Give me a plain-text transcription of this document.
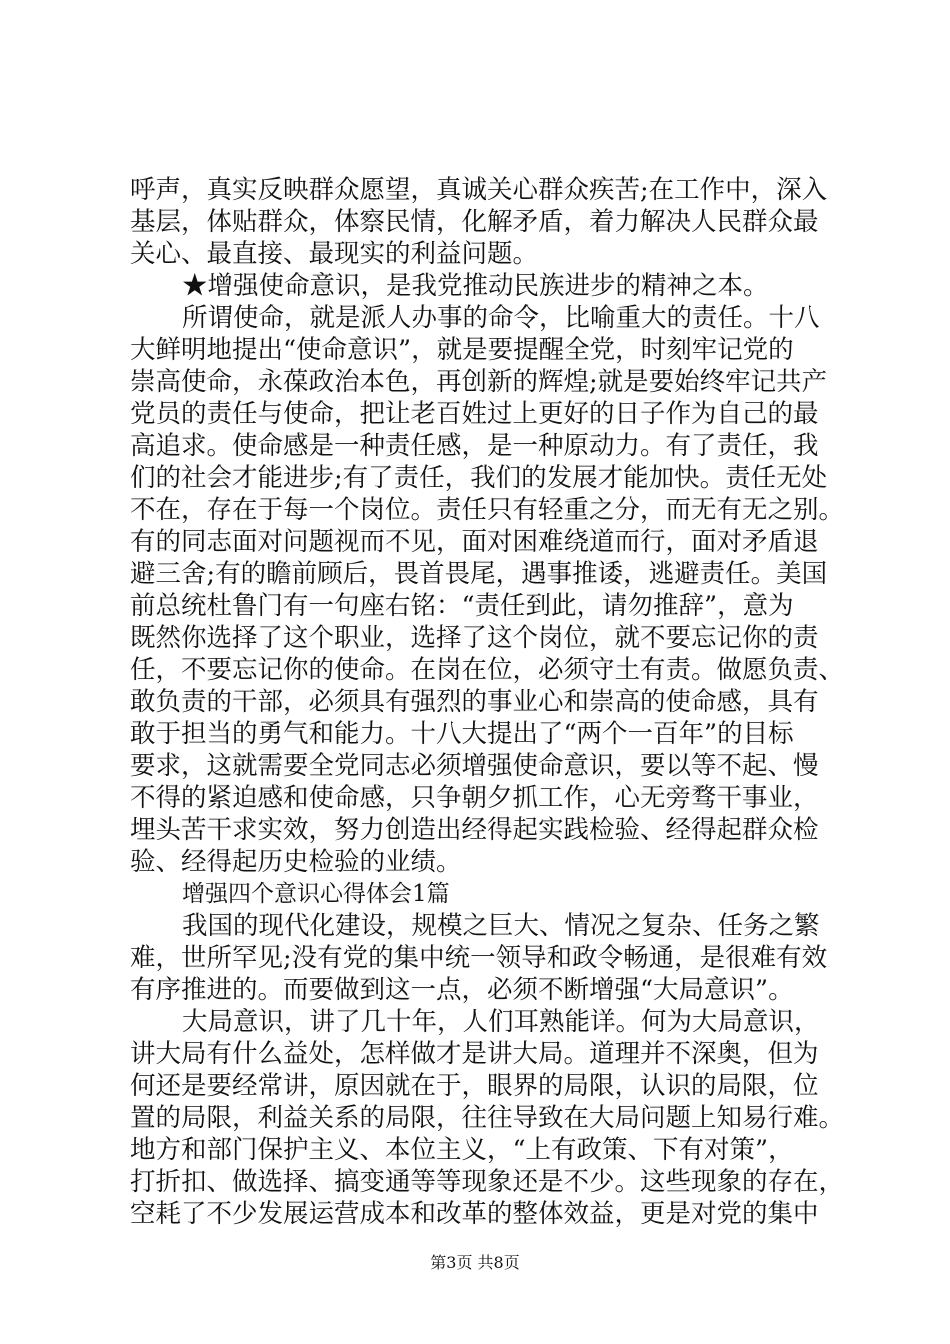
呼声，真实反映群众愿望，真诚关心群众疾苦;在工作中，深入
基层，体贴群众，体察民情，化解矛盾，着力解决人民群众最
关心、最直接、最现实的利益问题。
★增强使命意识，是我党推动民族进步的精神之本。
所谓使命，就是派人办事的命令，比喻重大的责任。十八
大鲜明地提出“使命意识”，就是要提醒全党，时刻牢记党的
崇高使命，永葆政治本色，再创新的辉煌;就是要始终牢记共产
党员的责任与使命，把让老百姓过上更好的日子作为自己的最
高追求。使命感是一种责任感，是一种原动力。有了责任，我
们的社会才能进步;有了责任，我们的发展才能加快。责任无处
不在，存在于每一个岗位。责任只有轻重之分，而无有无之别。
有的同志面对问题视而不见，面对困难绕道而行，面对矛盾退
避三舍;有的瞻前顾后，畏首畏尾，遇事推诿，逃避责任。美国
前总统杜鲁门有一句座右铭：“责任到此，请勿推辞”，意为
既然你选择了这个职业，选择了这个岗位，就不要忘记你的责
任，不要忘记你的使命。在岗在位，必须守土有责。做愿负责、
敢负责的干部，必须具有强烈的事业心和崇高的使命感，具有
敢于担当的勇气和能力。十八大提出了“两个一百年”的目标
要求，这就需要全党同志必须增强使命意识，要以等不起、慢
不得的紧迫感和使命感，只争朝夕抓工作，心无旁骛干事业，
埋头苦干求实效，努力创造出经得起实践检验、经得起群众检
验、经得起历史检验的业绩。
增强四个意识心得体会1篇
我国的现代化建设，规模之巨大、情况之复杂、任务之繁
难，世所罕见;没有党的集中统一领导和政令畅通，是很难有效
有序推进的。而要做到这一点，必须不断增强“大局意识”。
大局意识，讲了几十年，人们耳熟能详。何为大局意识，
讲大局有什么益处，怎样做才是讲大局。道理并不深奥，但为
何还是要经常讲，原因就在于，眼界的局限，认识的局限，位
置的局限，利益关系的局限，往往导致在大局问题上知易行难。
地方和部门保护主义、本位主义，“上有政策、下有对策”，
打折扣、做选择、搞变通等等现象还是不少。这些现象的存在，
空耗了不少发展运营成本和改革的整体效益，更是对党的集中
第3页 共8页
